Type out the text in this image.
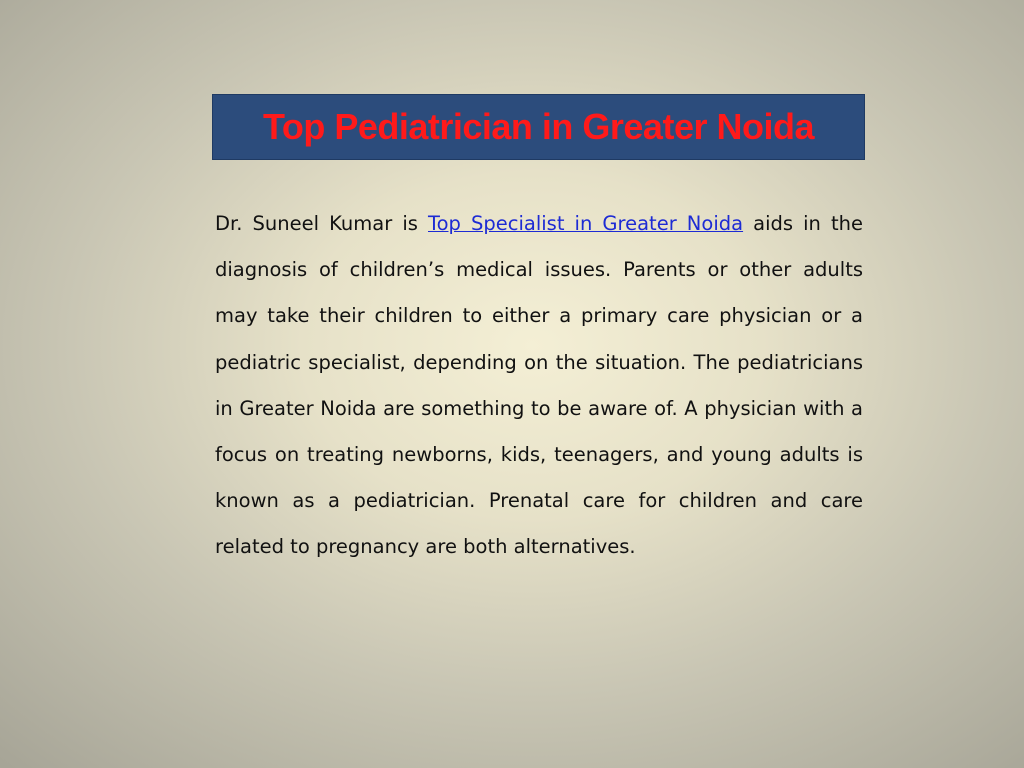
Top Pediatrician in Greater Noida

Dr. Suneel Kumar is Top Specialist in Greater Noida aids in the diagnosis of children’s medical issues. Parents or other adults may take their children to either a primary care physician or a pediatric specialist, depending on the situation. The pediatricians in Greater Noida are something to be aware of. A physician with a focus on treating newborns, kids, teenagers, and young adults is known as a pediatrician. Prenatal care for children and care related to pregnancy are both alternatives.
